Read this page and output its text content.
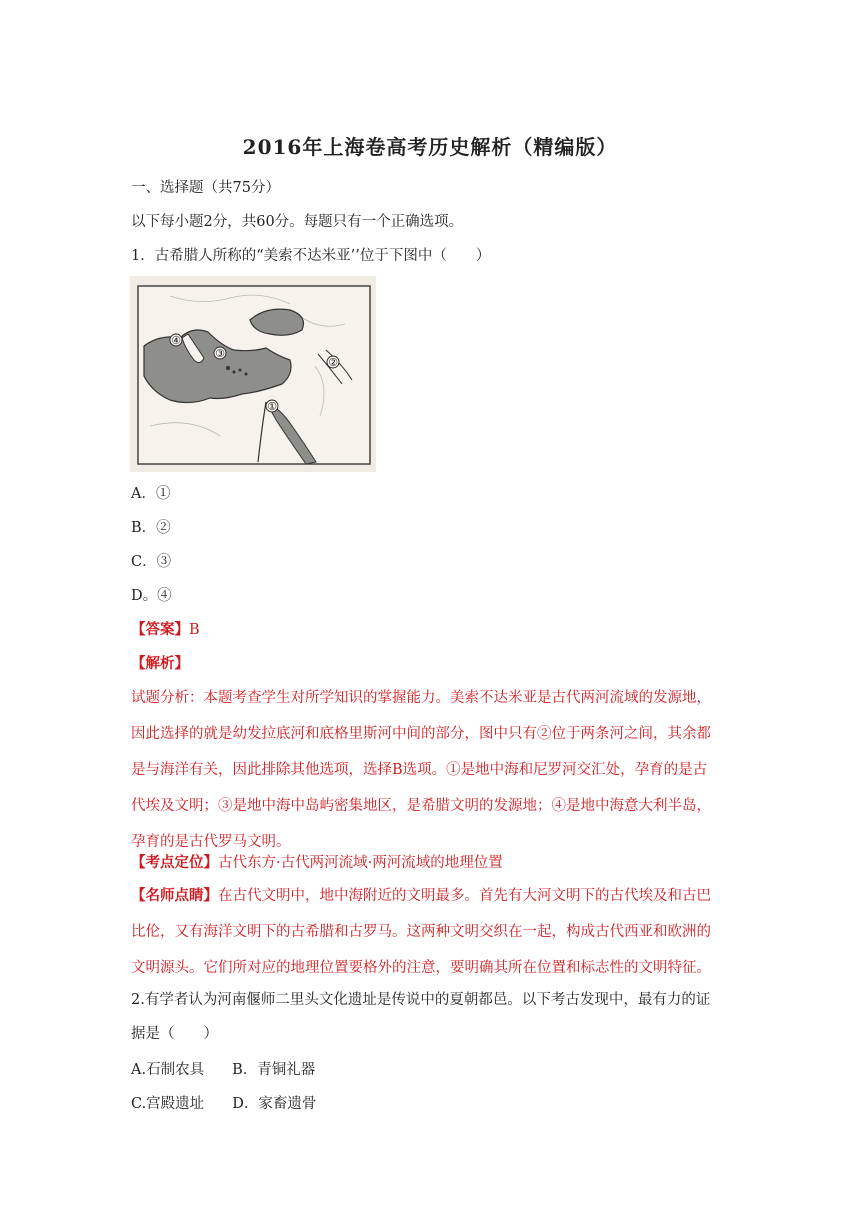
2016年上海卷高考历史解析（精编版）
一、选择题（共75分）
以下每小题2分，共60分。每题只有一个正确选项。
1．古希腊人所称的“美索不达米亚’’位于下图中（　　）
①
②
③
④
A．①
B．②
C．③
D。④
【答案】B
【解析】
试题分析：本题考查学生对所学知识的掌握能力。美索不达米亚是古代两河流域的发源地，
因此选择的就是幼发拉底河和底格里斯河中间的部分，图中只有②位于两条河之间，其余都
是与海洋有关，因此排除其他选项，选择B选项。①是地中海和尼罗河交汇处，孕育的是古
代埃及文明；③是地中海中岛屿密集地区，是希腊文明的发源地；④是地中海意大利半岛，
孕育的是古代罗马文明。
【考点定位】古代东方·古代两河流域·两河流域的地理位置
【名师点睛】在古代文明中，地中海附近的文明最多。首先有大河文明下的古代埃及和古巴
比伦，又有海洋文明下的古希腊和古罗马。这两种文明交织在一起，构成古代西亚和欧洲的
文明源头。它们所对应的地理位置要格外的注意，要明确其所在位置和标志性的文明特征。
2.有学者认为河南偃师二里头文化遗址是传说中的夏朝都邑。以下考古发现中，最有力的证
据是（　　）
A.石制农具 B．青铜礼器
C.宫殿遗址 D．家畜遗骨
